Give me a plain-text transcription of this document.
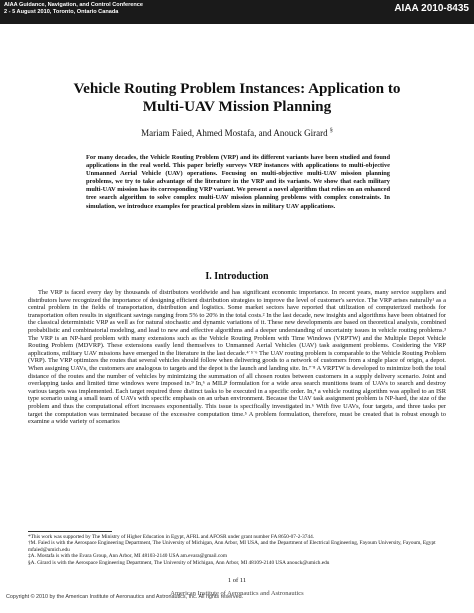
AIAA Guidance, Navigation, and Control Conference
2 - 5 August 2010, Toronto, Ontario Canada	AIAA 2010-8435
Vehicle Routing Problem Instances: Application to
Multi-UAV Mission Planning
Mariam Faied, Ahmed Mostafa, and Anouck Girard §

For many decades, the Vehicle Routing Problem (VRP) and its different variants have been studied and found applications in the real world. This paper briefly surveys VRP instances with applications to multi-objective Unmanned Aerial Vehicle (UAV) operations. Focusing on multi-objective multi-UAV mission planning problems, we try to take advantage of the literature in the VRP and its variants. We show that each military multi-UAV mission has its corresponding VRP variant. We present a novel algorithm that relies on an enhanced tree search algorithm to solve complex multi-UAV mission planning problems with complex constraints. In simulation, we introduce examples for practical problem sizes in military UAV applications.

I. Introduction

The VRP is faced every day by thousands of distributors worldwide and has significant economic importance. In recent years, many service suppliers and distributors have recognized the importance of designing efficient distribution strategies to improve the level of customer's service. The VRP arises naturally¹ as a central problem in the fields of transportation, distribution and logistics. Some market sectors have reported that utilization of computerized methods for transportation often results in significant savings ranging from 5% to 20% in the total costs.² In the last decade, new insights and algorithms have been obtained for the classical deterministic VRP as well as for natural stochastic and dynamic variations of it. These new developments are based on theoretical analysis, combined probabilistic and combinatorial modeling, and lead to new and effective algorithms and a deeper understanding of uncertainty issues in vehicle routing problems.³ The VRP is an NP-hard problem with many extensions such as the Vehicle Routing Problem with Time Windows (VRPTW) and the Multiple Depot Vehicle Routing Problem (MDVRP). These extensions easily lend themselves to Unmanned Aerial Vehicles (UAV) task assignment problems. Cosidering the VRP applications, military UAV missions have emerged in the literature in the last decade.⁴˙⁵˙⁶ The UAV routing problem is comparable to the Vehicle Routing Problem (VRP). The VRP optimizes the routes that several vehicles should follow when delivering goods to a network of customers from a single place of origin, a depot. When assigning UAVs, the customers are analogous to targets and the depot is the launch and landing site. In.⁷˙⁸ A VRPTW is developed to minimize both the total distance of the routes and the number of vehicles by minimizing the summation of all chosen routes between customers in a supply delivery scenario. Joint and overlapping tasks and limited time windows were imposed in.⁹ In,⁶ a MILP formulation for a wide area search munitions team of UAVs to search and destroy various targets was implemented. Each target required three distinct tasks to be executed in a specific order. In,⁴ a vehicle routing algorithm was applied to an ISR type scenario using a small team of UAVs with specific emphasis on an urban environment. Because the UAV task assignment problem is NP-hard, the size of the problem and thus the computational effort increases exponentially. This issue is specifically investigated in.⁶ With five UAVs, four targets, and three tasks per target the computation was terminated because of the excessive computation time.⁵ A problem formulation, therefore, must be created that is robust enough to examine a wide variety of scenarios

*This work was supported by The Ministry of Higher Education in Egypt, AFRL and AFOSR under grant number FA 8650-07-2-3744.
†M. Faied is with the Aerospace Engineering Department, The University of Michigan, Ann Arbor, MI USA, and the Department of Electrical Engineering, Fayoum University, Fayoum, Egypt mfaied@umich.edu
‡A. Mostafa is with the Evara Group, Ann Arbor, MI 48103-2140 USA am.evara@gmail.com
§A. Girard is with the Aerospace Engineering Department, The University of Michigan, Ann Arbor, MI 48109-2140 USA anouck@umich.edu
1 of 11
American Institute of Aeronautics and Astronautics
Copyright © 2010 by the American Institute of Aeronautics and Astronautics, Inc. All rights reserved.
